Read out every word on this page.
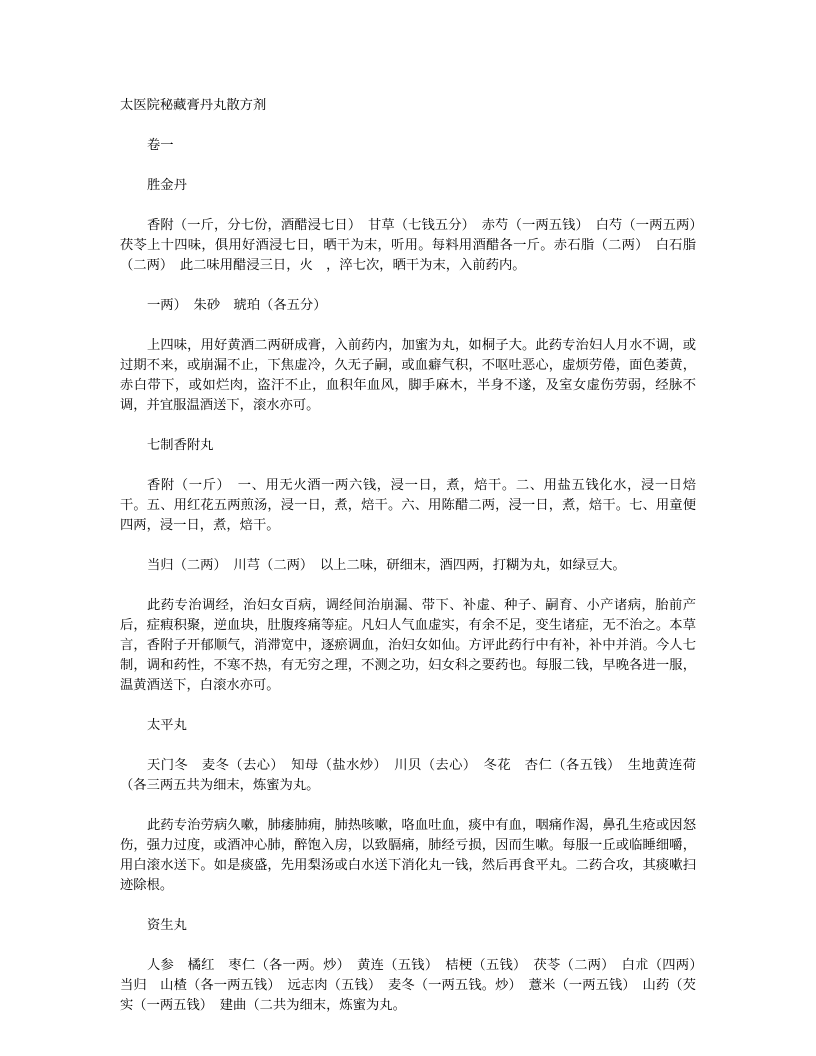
太医院秘藏膏丹丸散方剂
卷一
胜金丹

香附（一斤，分七份，酒醋浸七日）　甘草（七钱五分）　赤芍（一两五钱）　白芍（一两五两）　茯苓上十四味，俱用好酒浸七日，晒干为末，听用。每料用酒醋各一斤。赤石脂（二两）　白石脂（二两）　此二味用醋浸三日，火　，淬七次，晒干为末，入前药内。

一两）　朱砂　琥珀（各五分）

上四味，用好黄酒二两研成膏，入前药内，加蜜为丸，如桐子大。此药专治妇人月水不调，或过期不来，或崩漏不止，下焦虚冷，久无子嗣，或血癖气积，不呕吐恶心，虚烦劳倦，面色萎黄，赤白带下，或如烂肉，盗汗不止，血积年血风，脚手麻木，半身不遂，及室女虚伤劳弱，经脉不调，并宜服温酒送下，滚水亦可。

七制香附丸

香附（一斤）　一、用无火酒一两六钱，浸一日，煮，焙干。二、用盐五钱化水，浸一日焙干。五、用红花五两煎汤，浸一日，煮，焙干。六、用陈醋二两，浸一日，煮，焙干。七、用童便四两，浸一日，煮，焙干。

当归（二两）　川芎（二两）　以上二味，研细末，酒四两，打糊为丸，如绿豆大。

此药专治调经，治妇女百病，调经间治崩漏、带下、补虚、种子、嗣育、小产诸病，胎前产后，症瘕积聚，逆血块，肚腹疼痛等症。凡妇人气血虚实，有余不足，变生诸症，无不治之。本草言，香附子开郁顺气，消滞宽中，逐瘀调血，治妇女如仙。方评此药行中有补，补中并消。今人七制，调和药性，不寒不热，有无穷之理，不测之功，妇女科之要药也。每服二钱，早晚各进一服，温黄酒送下，白滚水亦可。

太平丸

天门冬　麦冬（去心）　知母（盐水炒）　川贝（去心）　冬花　杏仁（各五钱）　生地黄连荷（各三两五共为细末，炼蜜为丸。

此药专治劳病久嗽，肺痿肺痈，肺热咳嗽，咯血吐血，痰中有血，咽痛作渴，鼻孔生疮或因怒伤，强力过度，或酒冲心肺，醉饱入房，以致膈痛，肺经亏损，因而生嗽。每服一丘或临睡细嚼，用白滚水送下。如是痰盛，先用梨汤或白水送下消化丸一钱，然后再食平丸。二药合攻，其痰嗽扫迹除根。

资生丸

人参　橘红　枣仁（各一两。炒）　黄连（五钱）　桔梗（五钱）　茯苓（二两）　白朮（四两）　当归　山楂（各一两五钱）　远志肉（五钱）　麦冬（一两五钱。炒）　薏米（一两五钱）　山药（芡实（一两五钱）　建曲（二共为细末，炼蜜为丸。
